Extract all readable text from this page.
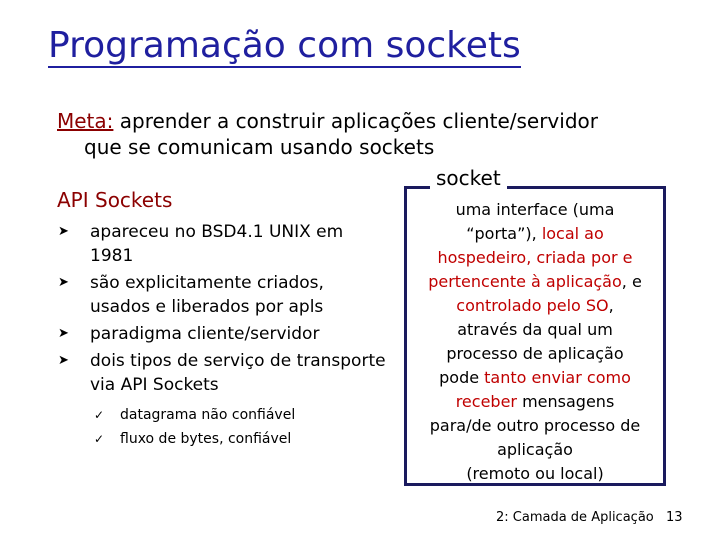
Programação com sockets
Meta: aprender a construir aplicações cliente/servidor
que se comunicam usando sockets
API Sockets
➤ apareceu no BSD4.1 UNIX em 1981
➤ são explicitamente criados, usados e liberados por apls
➤ paradigma cliente/servidor
➤ dois tipos de serviço de transporte via API Sockets
✓ datagrama não confiável
✓ fluxo de bytes, confiável
socket
uma interface (uma
“porta”), local ao
hospedeiro, criada por e
pertencente à aplicação, e
controlado pelo SO,
através da qual um
processo de aplicação
pode tanto enviar como
receber mensagens
para/de outro processo de
aplicação
(remoto ou local)
2: Camada de Aplicação 13
